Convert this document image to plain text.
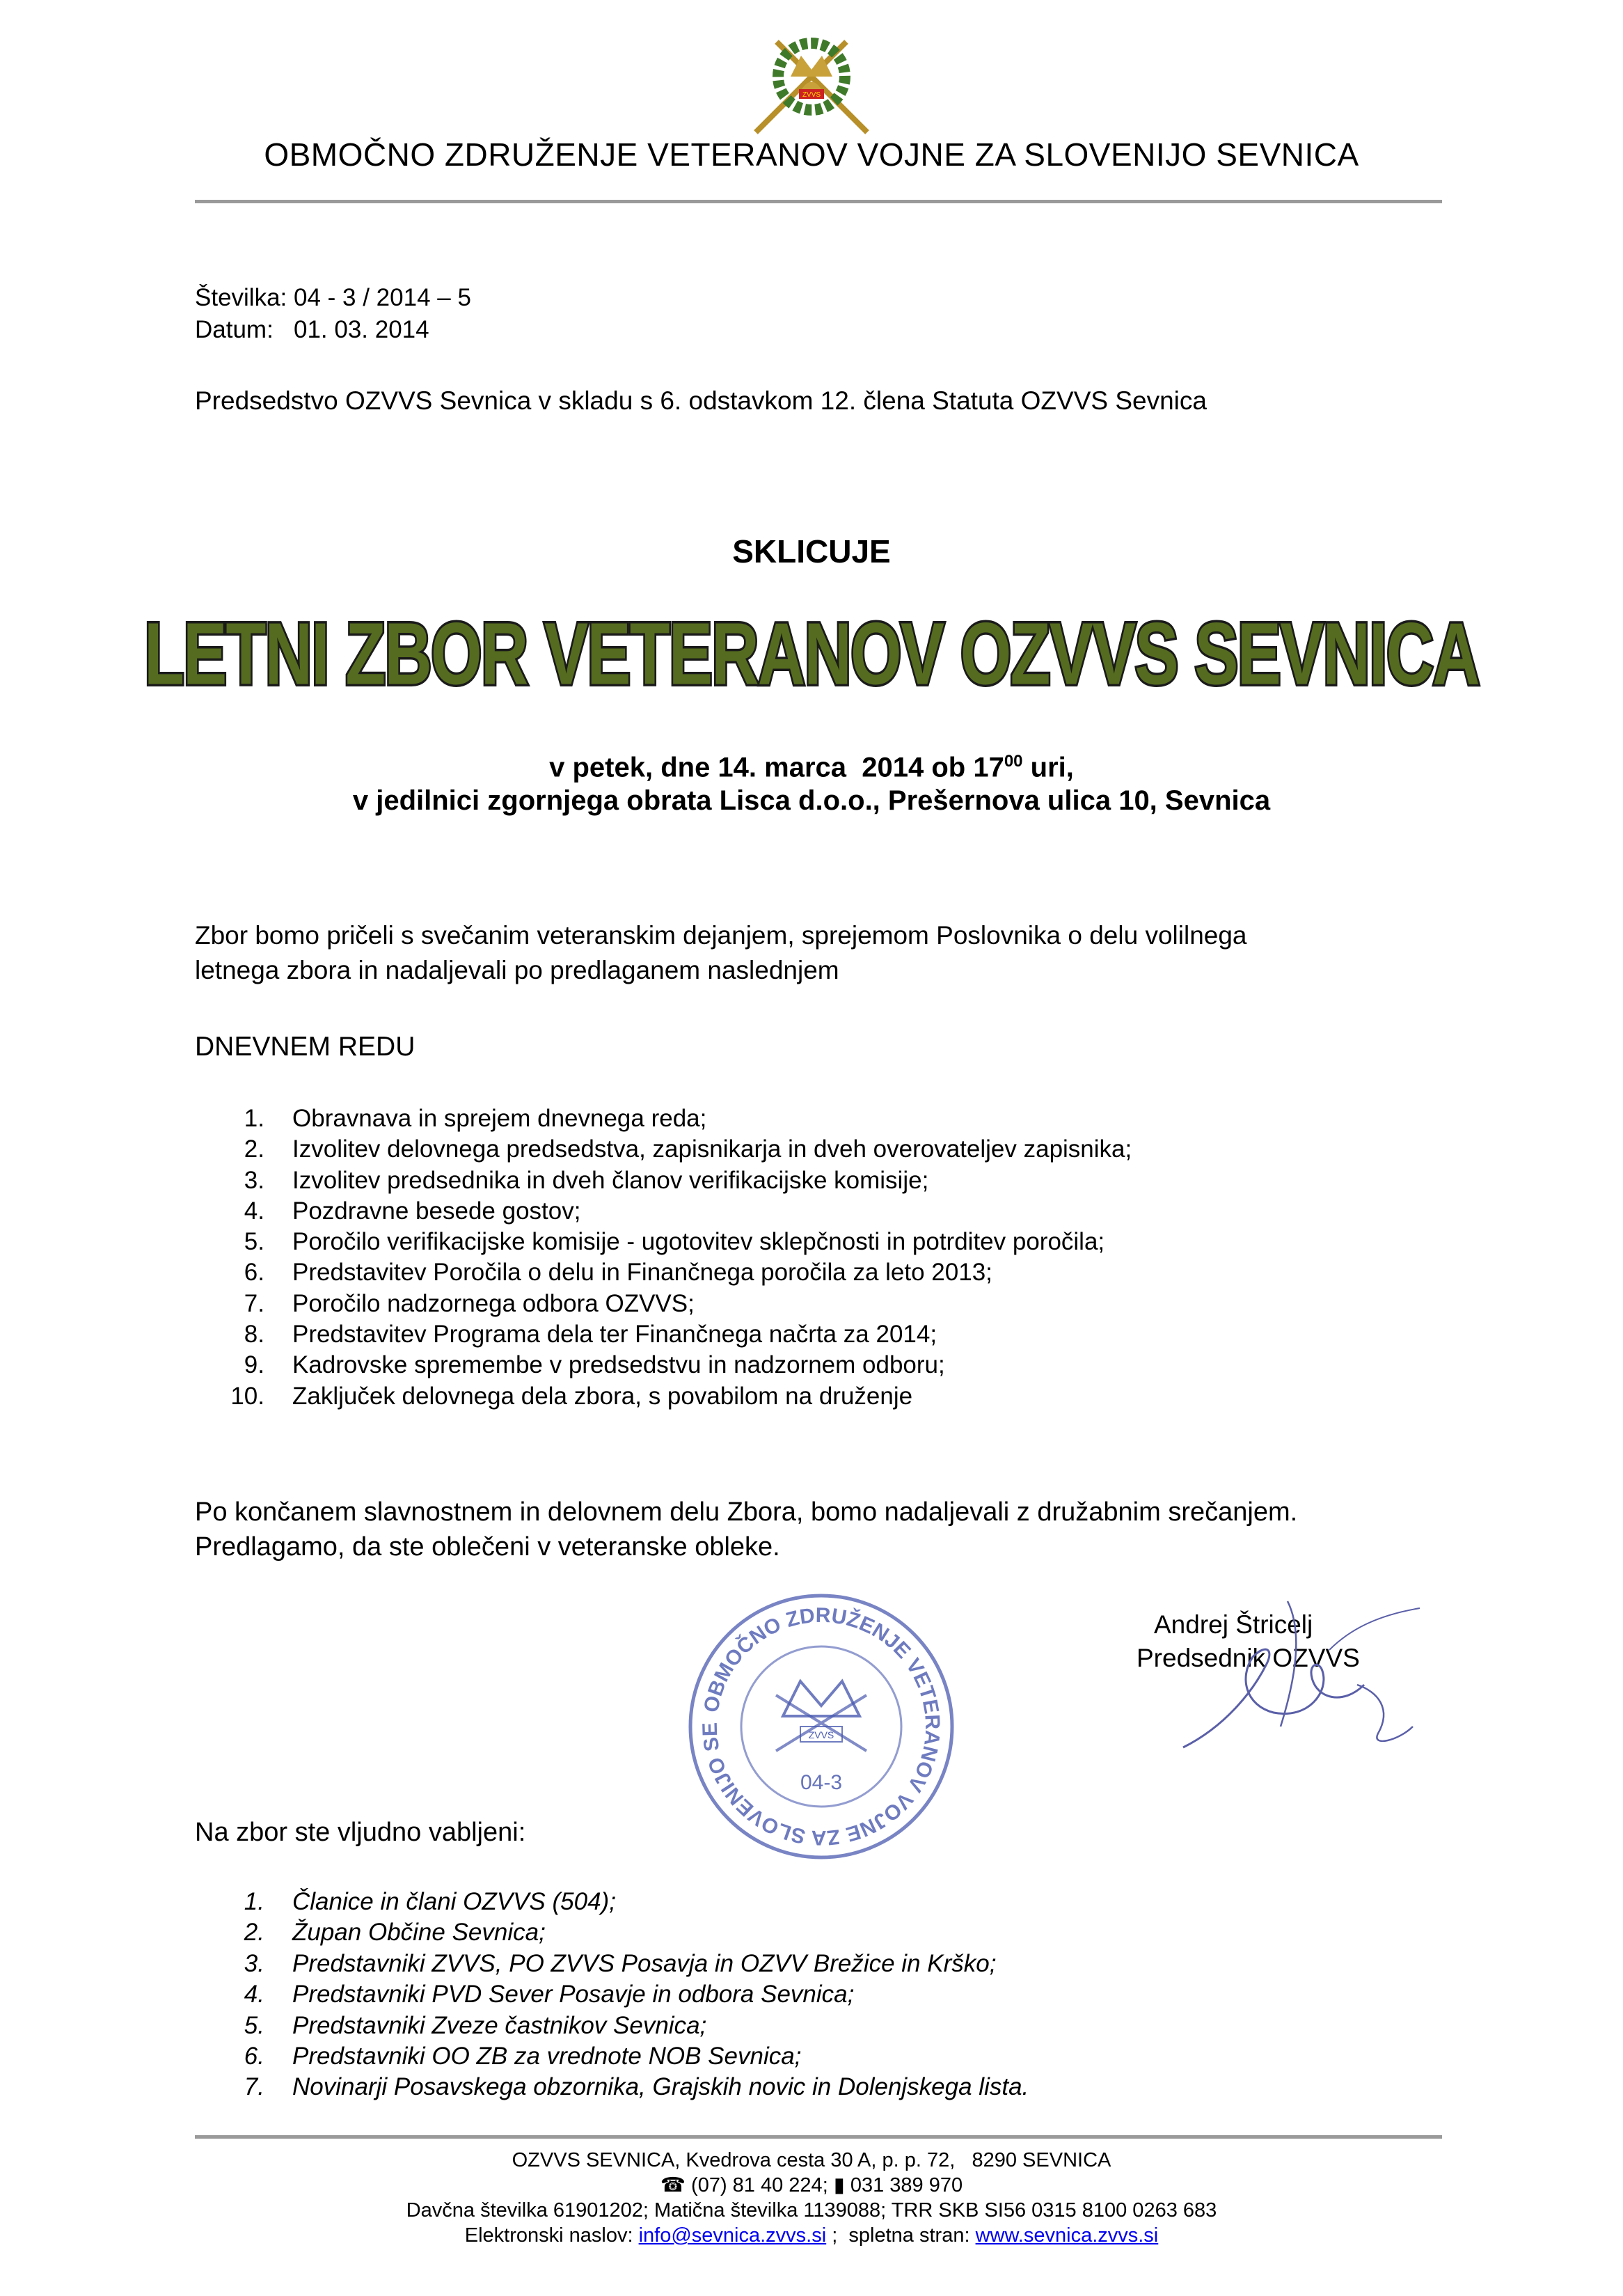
ZVVS
OBMOČNO ZDRUŽENJE VETERANOV VOJNE ZA SLOVENIJO SEVNICA
Številka: 04 - 3 / 2014 – 5
Datum:   01. 03. 2014
Predsedstvo OZVVS Sevnica v skladu s 6. odstavkom 12. člena Statuta OZVVS Sevnica
SKLICUJE
LETNI ZBOR VETERANOV OZVVS SEVNICA
v petek, dne 14. marca  2014 ob $17^{00}$ uri,
v jedilnici zgornjega obrata Lisca d.o.o., Prešernova ulica 10, Sevnica
Zbor bomo pričeli s svečanim veteranskim dejanjem, sprejemom Poslovnika o delu volilnega
letnega zbora in nadaljevali po predlaganem naslednjem
DNEVNEM REDU
1.	Obravnava in sprejem dnevnega reda;
2.	Izvolitev delovnega predsedstva, zapisnikarja in dveh overovateljev zapisnika;
3.	Izvolitev predsednika in dveh članov verifikacijske komisije;
4.	Pozdravne besede gostov;
5.	Poročilo verifikacijske komisije - ugotovitev sklepčnosti in potrditev poročila;
6.	Predstavitev Poročila o delu in Finančnega poročila za leto 2013;
7.	Poročilo nadzornega odbora OZVVS;
8.	Predstavitev Programa dela ter Finančnega načrta za 2014;
9.	Kadrovske spremembe v predsedstvu in nadzornem odboru;
10.	Zaključek delovnega dela zbora, s povabilom na druženje
Po končanem slavnostnem in delovnem delu Zbora, bomo nadaljevali z družabnim srečanjem.
Predlagamo, da ste oblečeni v veteranske obleke.
Andrej Štricelj
Predsednik OZVVS
OBMOČNO ZDRUŽENJE VETERANOV VOJNE ZA SLOVENIJO SE	ZVVS
04-3
Na zbor ste vljudno vabljeni:
1.	Članice in člani OZVVS (504);
2.	Župan Občine Sevnica;
3.	Predstavniki ZVVS, PO ZVVS Posavja in OZVV Brežice in Krško;
4.	Predstavniki PVD Sever Posavje in odbora Sevnica;
5.	Predstavniki Zveze častnikov Sevnica;
6.	Predstavniki OO ZB za vrednote NOB Sevnica;
7.	Novinarji Posavskega obzornika, Grajskih novic in Dolenjskega lista.
OZVVS SEVNICA, Kvedrova cesta 30 A, p. p. 72,   8290 SEVNICA
☎ (07) 81 40 224; ▮ 031 389 970
Davčna številka 61901202; Matična številka 1139088; TRR SKB SI56 0315 8100 0263 683
Elektronski naslov: info@sevnica.zvvs.si ;  spletna stran: www.sevnica.zvvs.si
